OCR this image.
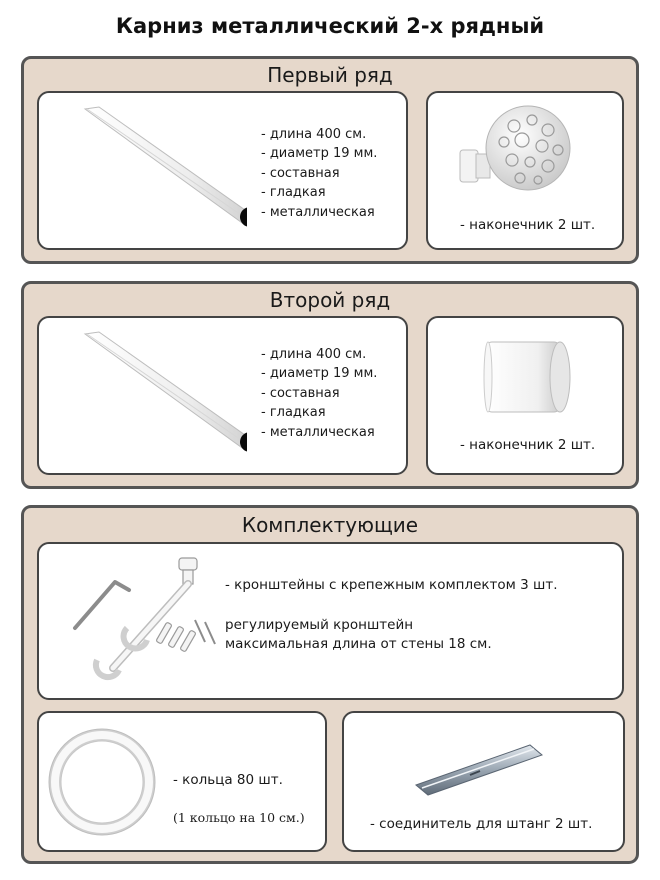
Карниз металлический 2-х рядный
Первый ряд
- длина 400 см.
- диаметр 19 мм.
- составная
- гладкая
- металлическая
- наконечник 2 шт.
Второй ряд
- длина 400 см.
- диаметр 19 мм.
- составная
- гладкая
- металлическая
- наконечник 2 шт.
Комплектующие
- кронштейны с крепежным комплектом 3 шт.
регулируемый кронштейн
максимальная длина от стены 18 см.
- кольца 80 шт.
(1 кольцо на 10 см.)	- соединитель для штанг 2 шт.
